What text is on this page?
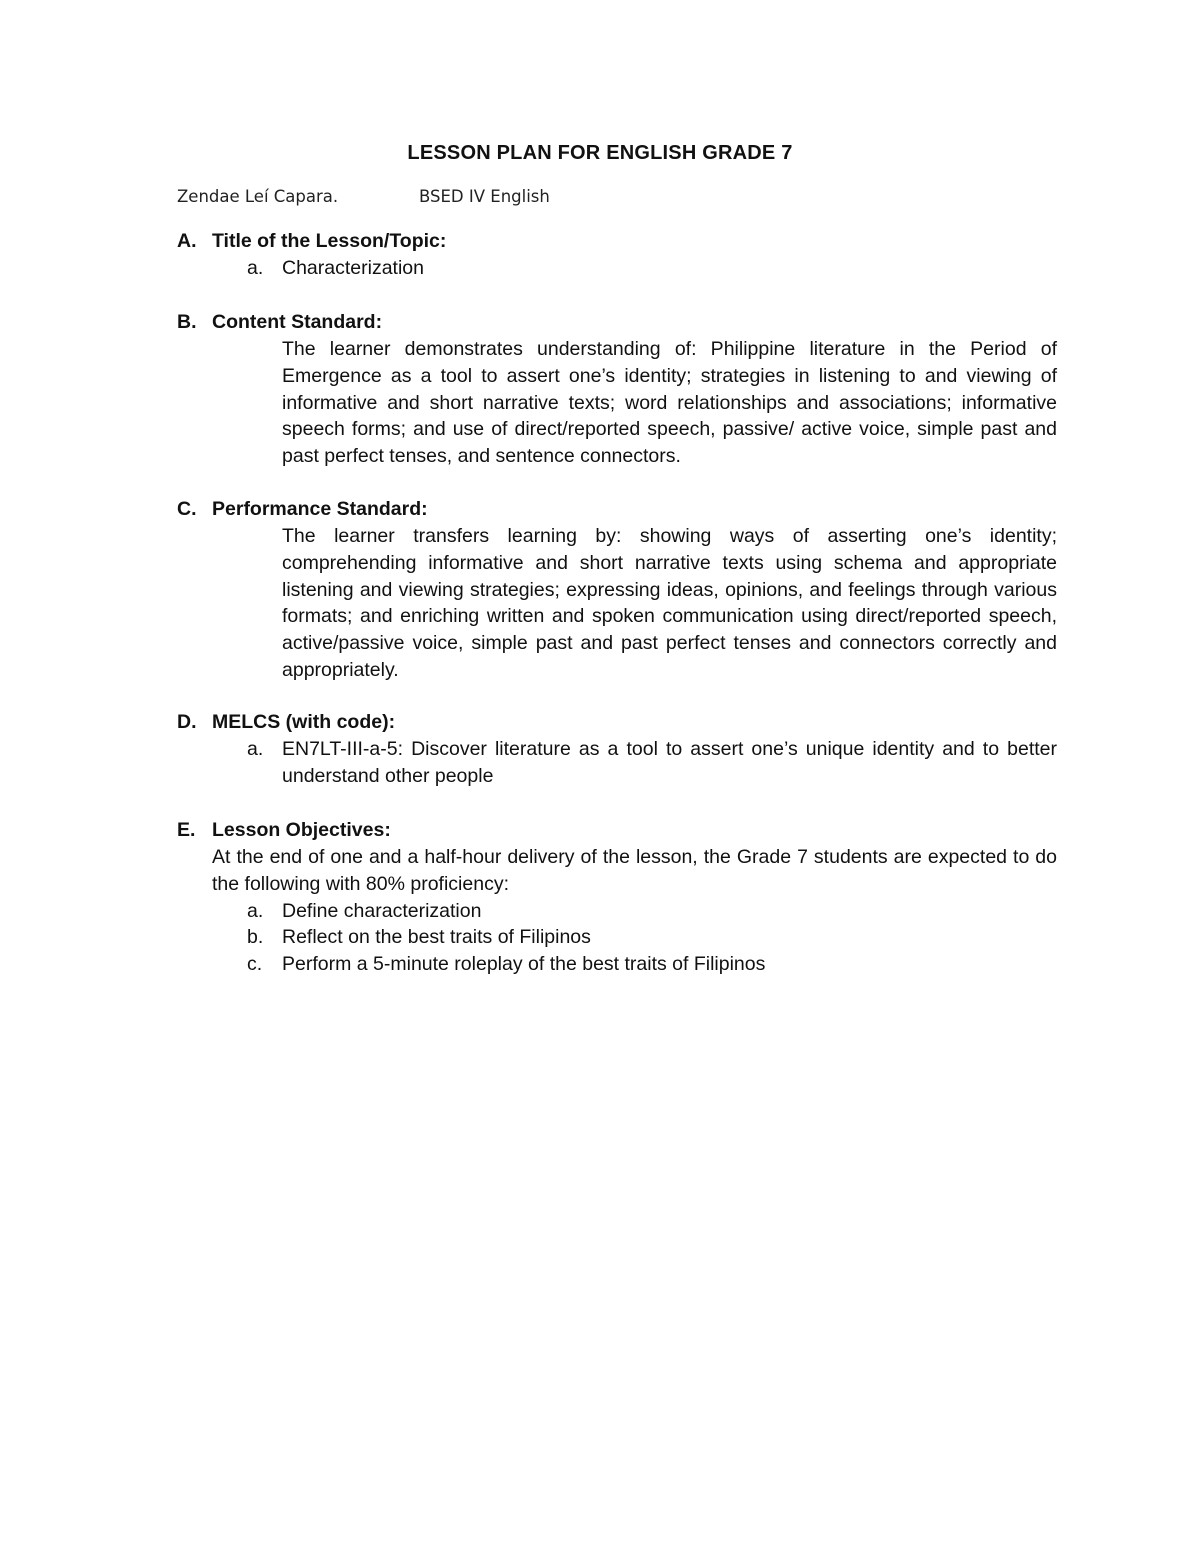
LESSON PLAN FOR ENGLISH GRADE 7
Zendae Leí Capara.	BSED IV English
A. Title of the Lesson/Topic:
a. Characterization
B. Content Standard:
The learner demonstrates understanding of: Philippine literature in the Period of Emergence as a tool to assert one’s identity; strategies in listening to and viewing of informative and short narrative texts; word relationships and associations; informative speech forms; and use of direct/reported speech, passive/ active voice, simple past and past perfect tenses, and sentence connectors.
C. Performance Standard:
The learner transfers learning by: showing ways of asserting one’s identity; comprehending informative and short narrative texts using schema and appropriate listening and viewing strategies; expressing ideas, opinions, and feelings through various formats; and enriching written and spoken communication using direct/reported speech, active/passive voice, simple past and past perfect tenses and connectors correctly and appropriately.
D. MELCS (with code):
a. EN7LT-III-a-5: Discover literature as a tool to assert one’s unique identity and to better understand other people
E. Lesson Objectives:
At the end of one and a half-hour delivery of the lesson, the Grade 7 students are expected to do the following with 80% proficiency:
a. Define characterization
b. Reflect on the best traits of Filipinos
c. Perform a 5-minute roleplay of the best traits of Filipinos
